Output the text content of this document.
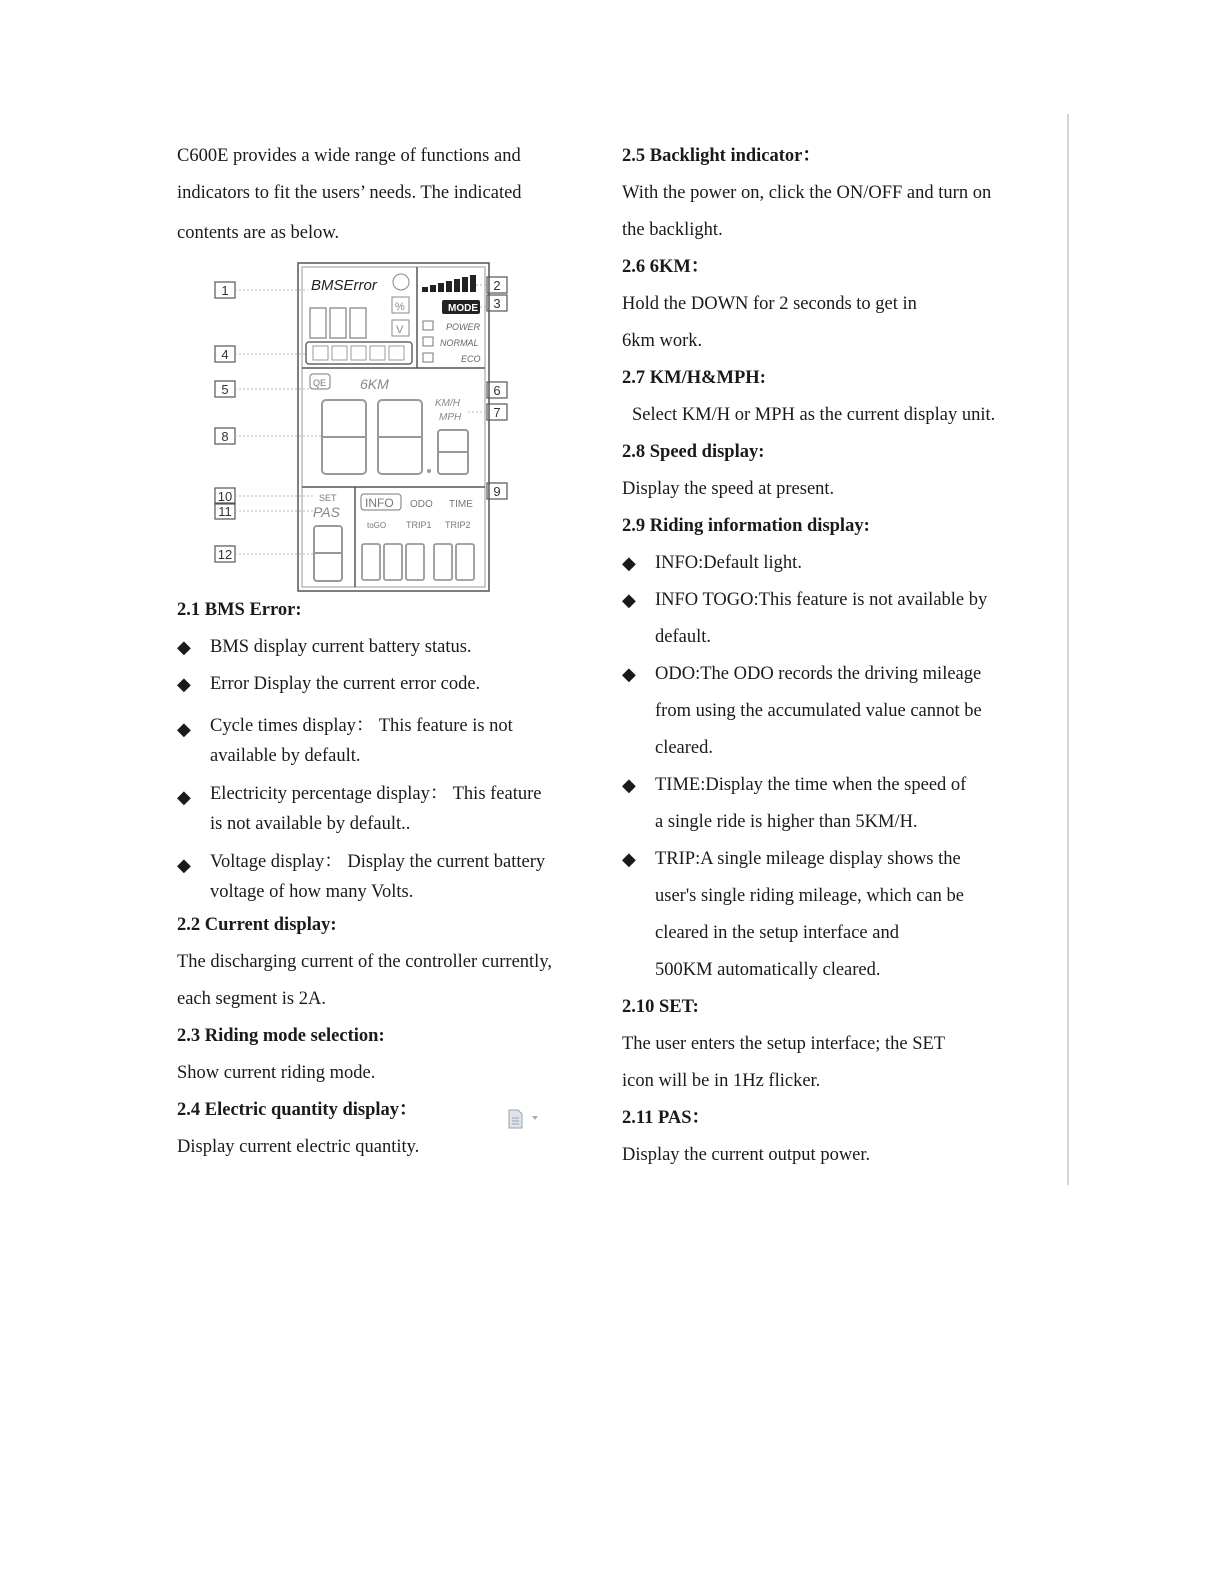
C600E provides a wide range of functions and

indicators to fit the users’ needs. The indicated

contents are as below.

BMSError
%
V
MODE
POWER
NORMAL
ECO
QE 6KM
KM/H
MPH
SET
PAS
INFO ODO TIME
toGO TRIP1 TRIP2
1	2
3
4
5	6
7
8
9
10
11
12

2.1 BMS Error:

◆ BMS display current battery status.
◆ Error Display the current error code.
◆ Cycle times display： This feature is not
available by default.
◆ Electricity percentage display： This feature
is not available by default..
◆ Voltage display： Display the current battery
voltage of how many Volts.

2.2 Current display:

The discharging current of the controller currently,

each segment is 2A.

2.3 Riding mode selection:

Show current riding mode.

2.4 Electric quantity display：

Display current electric quantity.

2.5 Backlight indicator：

With the power on, click the ON/OFF and turn on

the backlight.

2.6 6KM：

Hold the DOWN for 2 seconds to get in

6km work.

2.7 KM/H&MPH:

Select KM/H or MPH as the current display unit.

2.8 Speed display:

Display the speed at present.

2.9 Riding information display:

◆ INFO:Default light.
◆ INFO TOGO:This feature is not available by
default.
◆ ODO:The ODO records the driving mileage
from using the accumulated value cannot be
cleared.
◆ TIME:Display the time when the speed of
a single ride is higher than 5KM/H.
◆ TRIP:A single mileage display shows the
user's single riding mileage, which can be
cleared in the setup interface and
500KM automatically cleared.

2.10 SET:

The user enters the setup interface; the SET

icon will be in 1Hz flicker.

2.11 PAS：

Display the current output power.
